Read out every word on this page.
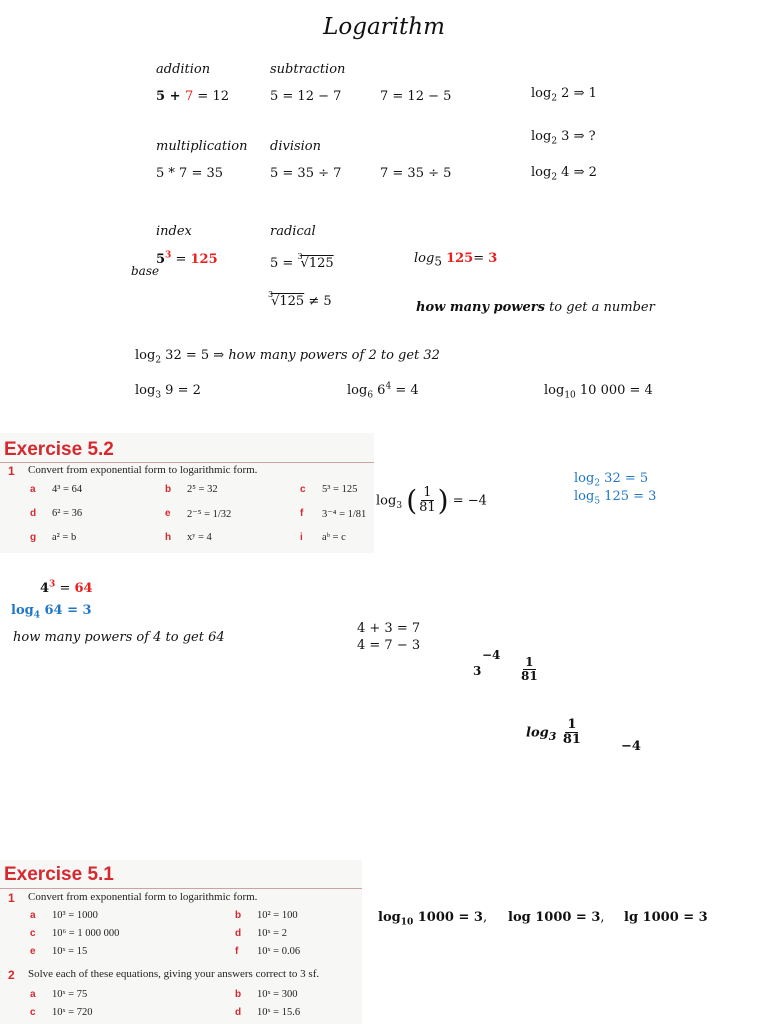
Logarithm
addition	subtraction
5 + 7 = 12	5 = 12 − 7	7 = 12 − 5	$\log_2 2$ ⇒ 1
$\log_2 3$ ⇒ ?
multiplication division
5 * 7 = 35	5 = 35 ÷ 7	7 = 35 ÷ 5	$\log_2 4$ ⇒ 2
index	radical
$5^3 = 125$
base	5 = $^3$√125	$\log_5 125= 3$
$^3$√125 ≠ 5	how many powers to get a number
$\log_2 32 = 5$ ⇒ how many powers of 2 to get 32
$\log_3 9 = 2$	$\log_6 6^4 = 4$	$\log_{10} 10$ 000 = 4
Exercise 5.2
1 Convert from exponential form to logarithmic form.
a 4³ = 64	b 2⁵ = 32	c 5³ = 125
d 6² = 36	e 2⁻⁵ = 1/32	f 3⁻⁴ = 1/81
g a² = b	h xʸ = 4	i aᵇ = c
$\log_3$ ( $\frac{1}{81}$ ) = −4
$\log_2 32 = 5$
$\log_5 125 = 3$
$4^3 = 64$
$\log_4 64 = 3$
how many powers of 4 to get 64
4 + 3 = 7
4 = 7 − 3
−4
3	$\frac{1}{81}$
$\log_3 \frac{1}{81}$	−4
Exercise 5.1
1 Convert from exponential form to logarithmic form.
a 10³ = 1000	b 10² = 100
c 10⁶ = 1 000 000	d 10ˣ = 2
e 10ˣ = 15	f 10ˣ = 0.06
2 Solve each of these equations, giving your answers correct to 3 sf.
a 10ˣ = 75	b 10ˣ = 300
c 10ˣ = 720	d 10ˣ = 15.6
$\log_{10} 1000 = 3$, log 1000 = 3, lg 1000 = 3
